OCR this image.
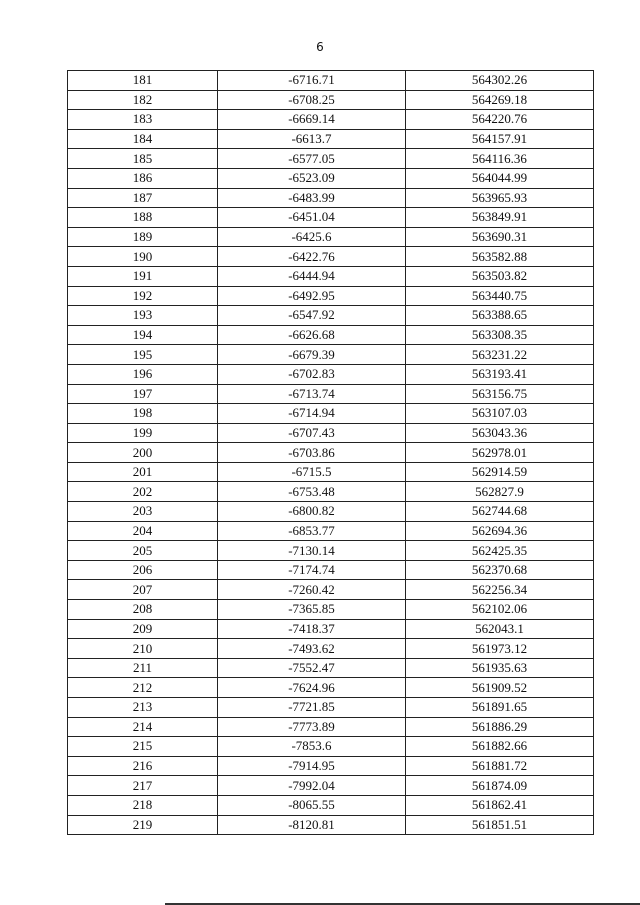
6
181	-6716.71	564302.26
182	-6708.25	564269.18
183	-6669.14	564220.76
184	-6613.7	564157.91
185	-6577.05	564116.36
186	-6523.09	564044.99
187	-6483.99	563965.93
188	-6451.04	563849.91
189	-6425.6	563690.31
190	-6422.76	563582.88
191	-6444.94	563503.82
192	-6492.95	563440.75
193	-6547.92	563388.65
194	-6626.68	563308.35
195	-6679.39	563231.22
196	-6702.83	563193.41
197	-6713.74	563156.75
198	-6714.94	563107.03
199	-6707.43	563043.36
200	-6703.86	562978.01
201	-6715.5	562914.59
202	-6753.48	562827.9
203	-6800.82	562744.68
204	-6853.77	562694.36
205	-7130.14	562425.35
206	-7174.74	562370.68
207	-7260.42	562256.34
208	-7365.85	562102.06
209	-7418.37	562043.1
210	-7493.62	561973.12
211	-7552.47	561935.63
212	-7624.96	561909.52
213	-7721.85	561891.65
214	-7773.89	561886.29
215	-7853.6	561882.66
216	-7914.95	561881.72
217	-7992.04	561874.09
218	-8065.55	561862.41
219	-8120.81	561851.51
